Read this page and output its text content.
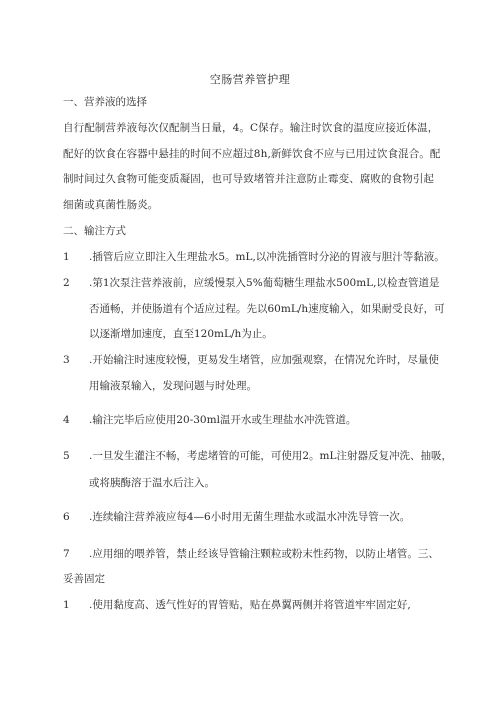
空肠营养管护理
一、营养液的选择
自行配制营养液每次仅配制当日量，4。C保存。输注时饮食的温度应接近体温，
配好的饮食在容器中悬挂的时间不应超过8h,新鲜饮食不应与已用过饮食混合。配
制时间过久食物可能变质凝固，也可导致堵管并注意防止霉变、腐败的食物引起
细菌或真菌性肠炎。
二、输注方式
1 .插管后应立即注入生理盐水5。mL,以冲洗插管时分泌的胃液与胆汁等黏液。
2 .第1次泵注营养液前，应缓慢泵入5%葡萄糖生理盐水500mL,以检查管道是
否通畅，并使肠道有个适应过程。先以60mL/h速度输入，如果耐受良好，可
以逐渐增加速度，直至120mL/h为止。
3 .开始输注时速度较慢，更易发生堵管，应加强观察，在情况允许时，尽量使
用输液泵输入，发现问题与时处理。
4 .输注完毕后应使用20-30ml温开水或生理盐水冲洗管道。
5 .一旦发生灌注不畅，考虑堵管的可能，可使用2。mL注射器反复冲洗、抽吸，
或将胰酶溶于温水后注入。
6 .连续输注营养液应每4—6小时用无菌生理盐水或温水冲洗导管一次。
7 .应用细的喂养管，禁止经该导管输注颗粒或粉末性药物，以防止堵管。三、
妥善固定
1 .使用黏度高、透气性好的胃管贴，贴在鼻翼两侧并将管道牢牢固定好,
